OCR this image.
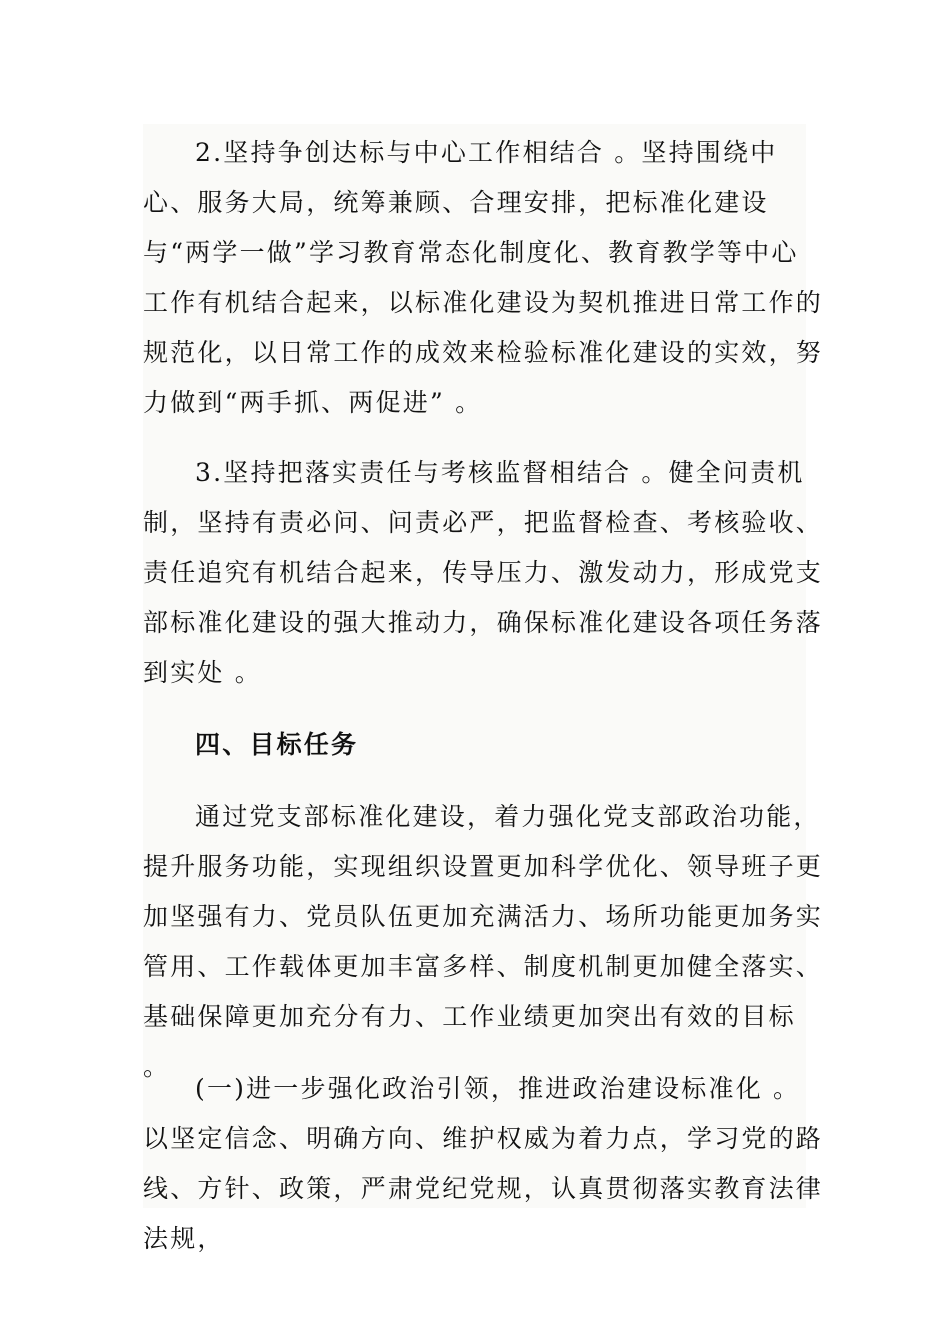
2.坚持争创达标与中心工作相结合 。坚持围绕中心、服务大局，统筹兼顾、合理安排，把标准化建设与“两学一做”学习教育常态化制度化、教育教学等中心工作有机结合起来，以标准化建设为契机推进日常工作的规范化，以日常工作的成效来检验标准化建设的实效，努力做到“两手抓、两促进” 。

3.坚持把落实责任与考核监督相结合 。健全问责机制，坚持有责必问、问责必严，把监督检查、考核验收、责任追究有机结合起来，传导压力、激发动力，形成党支部标准化建设的强大推动力，确保标准化建设各项任务落到实处 。

四、目标任务

通过党支部标准化建设，着力强化党支部政治功能，提升服务功能，实现组织设置更加科学优化、领导班子更加坚强有力、党员队伍更加充满活力、场所功能更加务实管用、工作载体更加丰富多样、制度机制更加健全落实、基础保障更加充分有力、工作业绩更加突出有效的目标 。

(一)进一步强化政治引领，推进政治建设标准化 。以坚定信念、明确方向、维护权威为着力点，学习党的路线、方针、政策，严肃党纪党规，认真贯彻落实教育法律法规，
